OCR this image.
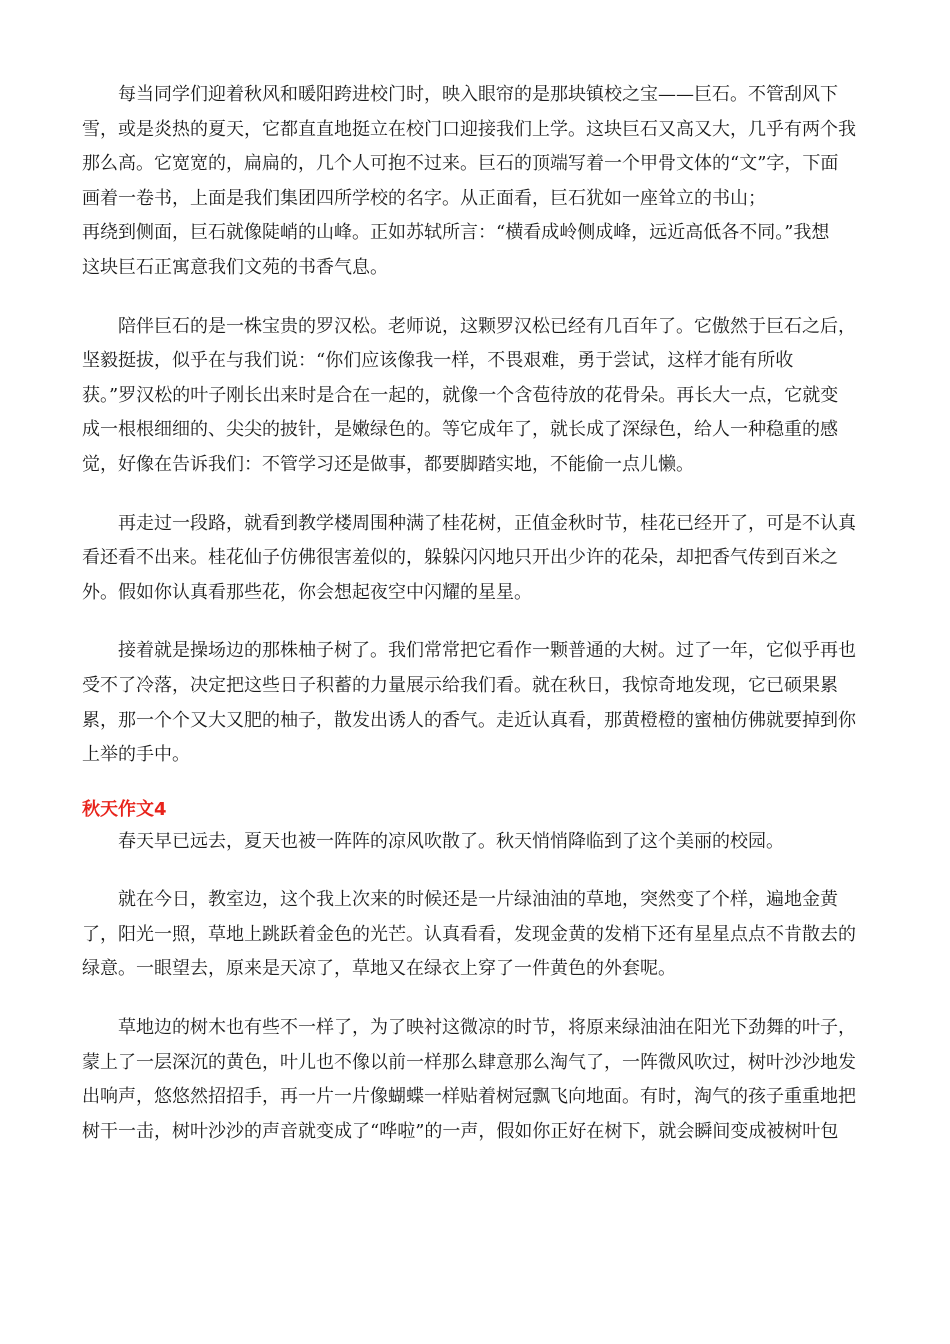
每当同学们迎着秋风和暖阳跨进校门时，映入眼帘的是那块镇校之宝——巨石。不管刮风下
雪，或是炎热的夏天，它都直直地挺立在校门口迎接我们上学。这块巨石又高又大，几乎有两个我
那么高。它宽宽的，扁扁的，几个人可抱不过来。巨石的顶端写着一个甲骨文体的“文”字，下面
画着一卷书，上面是我们集团四所学校的名字。从正面看，巨石犹如一座耸立的书山；
再绕到侧面，巨石就像陡峭的山峰。正如苏轼所言：“横看成岭侧成峰，远近高低各不同。”我想
这块巨石正寓意我们文苑的书香气息。
陪伴巨石的是一株宝贵的罗汉松。老师说，这颗罗汉松已经有几百年了。它傲然于巨石之后，
坚毅挺拔，似乎在与我们说：“你们应该像我一样，不畏艰难，勇于尝试，这样才能有所收
获。”罗汉松的叶子刚长出来时是合在一起的，就像一个含苞待放的花骨朵。再长大一点，它就变
成一根根细细的、尖尖的披针，是嫩绿色的。等它成年了，就长成了深绿色，给人一种稳重的感
觉，好像在告诉我们：不管学习还是做事，都要脚踏实地，不能偷一点儿懒。
再走过一段路，就看到教学楼周围种满了桂花树，正值金秋时节，桂花已经开了，可是不认真
看还看不出来。桂花仙子仿佛很害羞似的，躲躲闪闪地只开出少许的花朵，却把香气传到百米之
外。假如你认真看那些花，你会想起夜空中闪耀的星星。
接着就是操场边的那株柚子树了。我们常常把它看作一颗普通的大树。过了一年，它似乎再也
受不了冷落，决定把这些日子积蓄的力量展示给我们看。就在秋日，我惊奇地发现，它已硕果累
累，那一个个又大又肥的柚子，散发出诱人的香气。走近认真看，那黄橙橙的蜜柚仿佛就要掉到你
上举的手中。
秋天作文4
春天早已远去，夏天也被一阵阵的凉风吹散了。秋天悄悄降临到了这个美丽的校园。
就在今日，教室边，这个我上次来的时候还是一片绿油油的草地，突然变了个样，遍地金黄
了，阳光一照，草地上跳跃着金色的光芒。认真看看，发现金黄的发梢下还有星星点点不肯散去的
绿意。一眼望去，原来是天凉了，草地又在绿衣上穿了一件黄色的外套呢。
草地边的树木也有些不一样了，为了映衬这微凉的时节，将原来绿油油在阳光下劲舞的叶子，
蒙上了一层深沉的黄色，叶儿也不像以前一样那么肆意那么淘气了，一阵微风吹过，树叶沙沙地发
出响声，悠悠然招招手，再一片一片像蝴蝶一样贴着树冠飘飞向地面。有时，淘气的孩子重重地把
树干一击，树叶沙沙的声音就变成了“哗啦”的一声，假如你正好在树下，就会瞬间变成被树叶包
